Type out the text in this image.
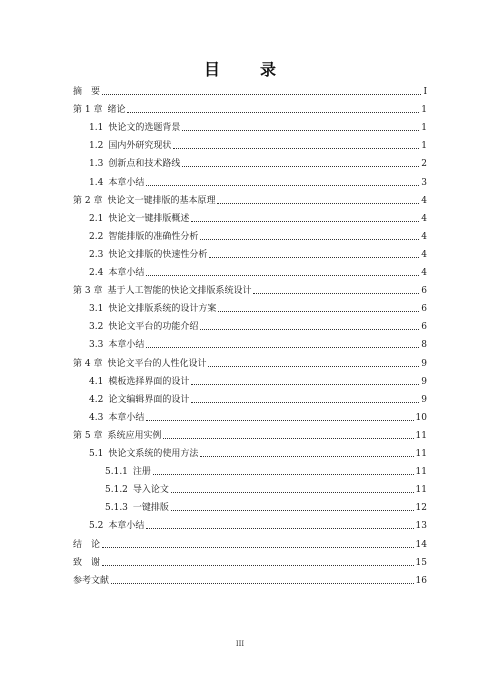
目　录
摘　要	I
第 1 章 绪论	1
1.1 快论文的选题背景	1
1.2 国内外研究现状	1
1.3 创新点和技术路线	2
1.4 本章小结	3
第 2 章 快论文一键排版的基本原理	4
2.1 快论文一键排版概述	4
2.2 智能排版的准确性分析	4
2.3 快论文排版的快速性分析	4
2.4 本章小结	4
第 3 章 基于人工智能的快论文排版系统设计	6
3.1 快论文排版系统的设计方案	6
3.2 快论文平台的功能介绍	6
3.3 本章小结	8
第 4 章 快论文平台的人性化设计	9
4.1 模板选择界面的设计	9
4.2 论文编辑界面的设计	9
4.3 本章小结	10
第 5 章 系统应用实例	11
5.1 快论文系统的使用方法	11
5.1.1 注册	11
5.1.2 导入论文	11
5.1.3 一键排版	12
5.2 本章小结	13
结　论	14
致　谢	15
参考文献	16
III
